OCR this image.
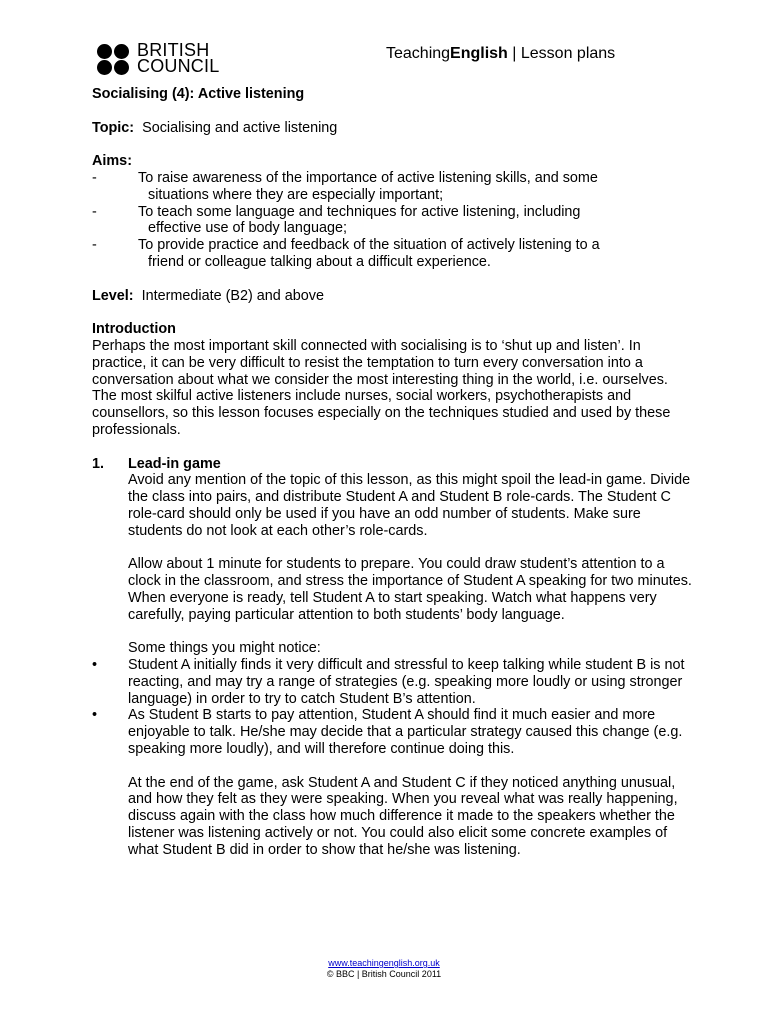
BRITISH
COUNCIL
TeachingEnglish | Lesson plans
Socialising (4): Active listening
Topic: Socialising and active listening
Aims:
-	To raise awareness of the importance of active listening skills, and some
situations where they are especially important;
-	To teach some language and techniques for active listening, including
effective use of body language;
-	To provide practice and feedback of the situation of actively listening to a
friend or colleague talking about a difficult experience.
Level: Intermediate (B2) and above
Introduction
Perhaps the most important skill connected with socialising is to ‘shut up and listen’. In practice, it can be very difficult to resist the temptation to turn every conversation into a conversation about what we consider the most interesting thing in the world, i.e. ourselves. The most skilful active listeners include nurses, social workers, psychotherapists and counsellors, so this lesson focuses especially on the techniques studied and used by these professionals.
1.	Lead-in game
Avoid any mention of the topic of this lesson, as this might spoil the lead-in game. Divide the class into pairs, and distribute Student A and Student B role-cards. The Student C role-card should only be used if you have an odd number of students. Make sure students do not look at each other’s role-cards.
Allow about 1 minute for students to prepare. You could draw student’s attention to a clock in the classroom, and stress the importance of Student A speaking for two minutes. When everyone is ready, tell Student A to start speaking. Watch what happens very carefully, paying particular attention to both students’ body language.
Some things you might notice:
•	Student A initially finds it very difficult and stressful to keep talking while student B is not reacting, and may try a range of strategies (e.g. speaking more loudly or using stronger language) in order to try to catch Student B’s attention.
•	As Student B starts to pay attention, Student A should find it much easier and more enjoyable to talk. He/she may decide that a particular strategy caused this change (e.g. speaking more loudly), and will therefore continue doing this.
At the end of the game, ask Student A and Student C if they noticed anything unusual, and how they felt as they were speaking. When you reveal what was really happening, discuss again with the class how much difference it made to the speakers whether the listener was listening actively or not. You could also elicit some concrete examples of what Student B did in order to show that he/she was listening.
www.teachingenglish.org.uk
© BBC | British Council 2011
